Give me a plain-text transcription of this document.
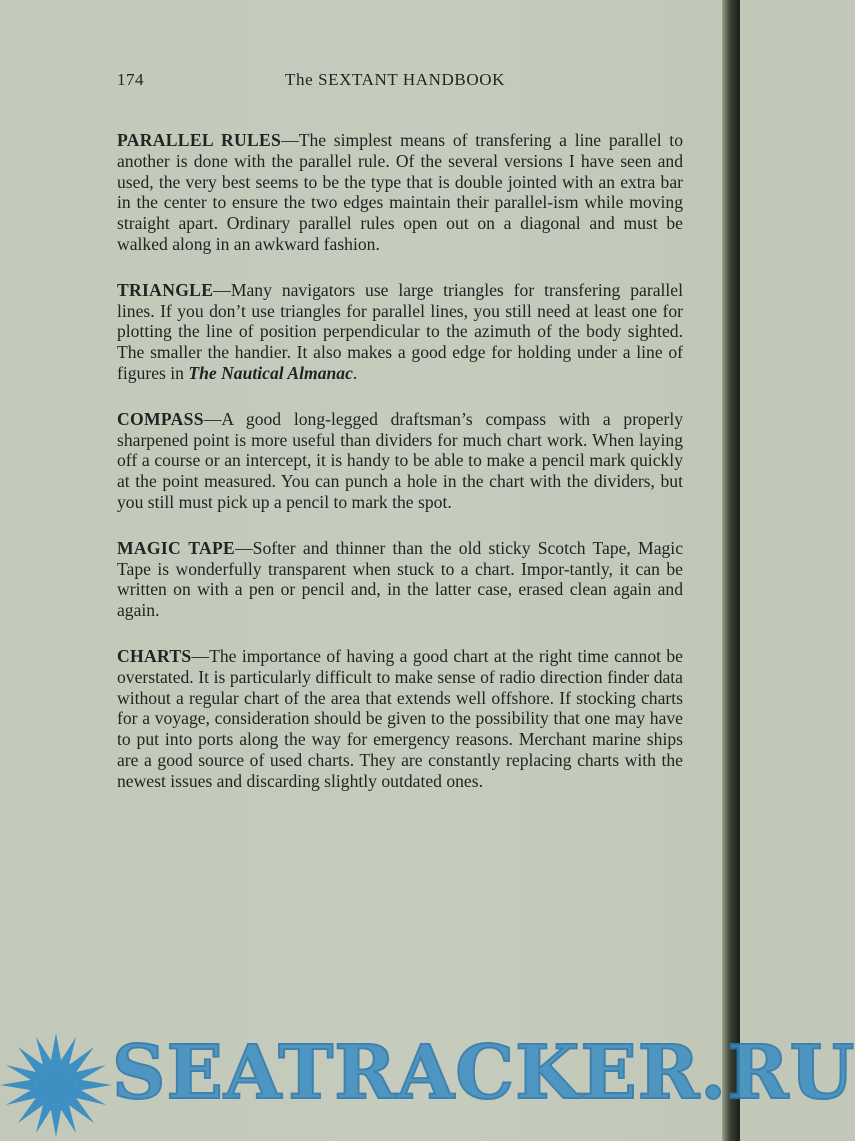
174	The SEXTANT HANDBOOK

PARALLEL RULES—The simplest means of transfering a line parallel to another is done with the parallel rule. Of the several versions I have seen and used, the very best seems to be the type that is double jointed with an extra bar in the center to ensure the two edges maintain their parallel-ism while moving straight apart. Ordinary parallel rules open out on a diagonal and must be walked along in an awkward fashion.

TRIANGLE—Many navigators use large triangles for transfering parallel lines. If you don’t use triangles for parallel lines, you still need at least one for plotting the line of position perpendicular to the azimuth of the body sighted. The smaller the handier. It also makes a good edge for holding under a line of figures in The Nautical Almanac.

COMPASS—A good long-legged draftsman’s compass with a properly sharpened point is more useful than dividers for much chart work. When laying off a course or an intercept, it is handy to be able to make a pencil mark quickly at the point measured. You can punch a hole in the chart with the dividers, but you still must pick up a pencil to mark the spot.

MAGIC TAPE—Softer and thinner than the old sticky Scotch Tape, Magic Tape is wonderfully transparent when stuck to a chart. Impor-tantly, it can be written on with a pen or pencil and, in the latter case, erased clean again and again.

CHARTS—The importance of having a good chart at the right time cannot be overstated. It is particularly difficult to make sense of radio direction finder data without a regular chart of the area that extends well offshore. If stocking charts for a voyage, consideration should be given to the possibility that one may have to put into ports along the way for emergency reasons. Merchant marine ships are a good source of used charts. They are constantly replacing charts with the newest issues and discarding slightly outdated ones.

SEATRACKER.RU
